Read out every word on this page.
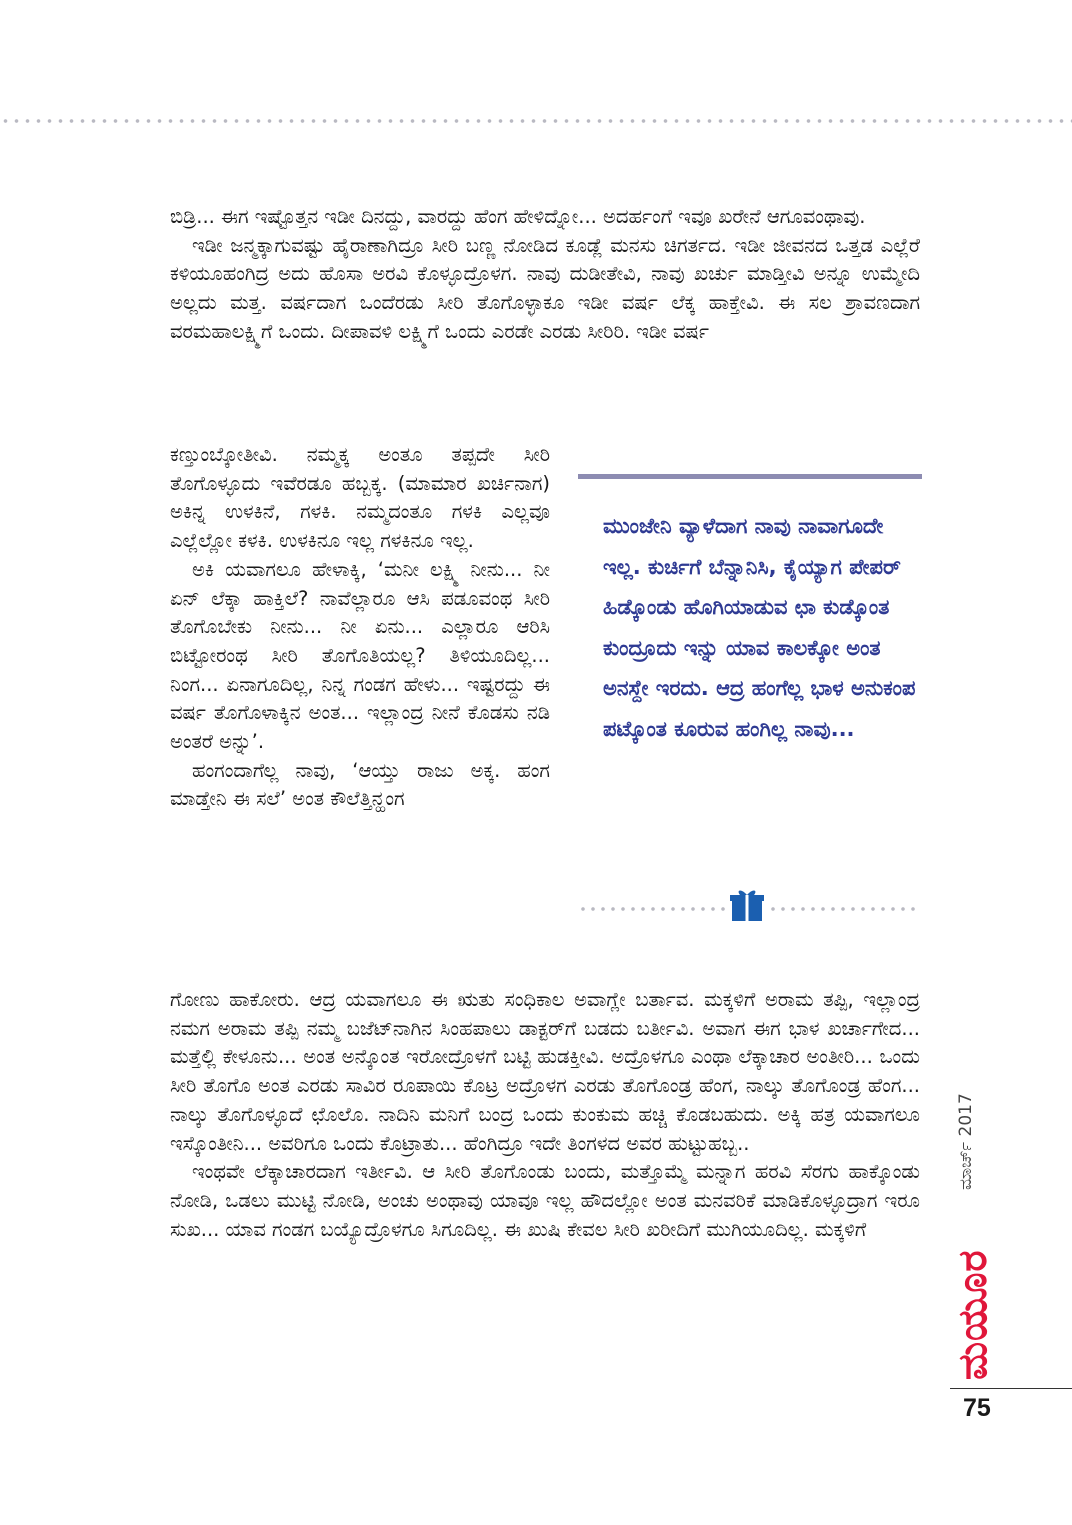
ಬಿಡ್ರಿ... ಈಗ ಇಷ್ಟೊತ್ತನ ಇಡೀ ದಿನದ್ದು, ವಾರದ್ದು ಹೆಂಗ ಹೇಳಿದ್ನೋ... ಅದರ್ಹಂಗೆ ಇವೂ ಖರೇನೆ ಆಗೂವಂಥಾವು.

ಇಡೀ ಜನ್ಮಕ್ಕಾಗುವಷ್ಟು ಹೈರಾಣಾಗಿದ್ರೂ ಸೀರಿ ಬಣ್ಣ ನೋಡಿದ ಕೂಡ್ಲೆ ಮನಸು ಚಿಗರ್ತದ. ಇಡೀ ಜೀವನದ ಒತ್ತಡ ಎಲ್ಲೆರೆ ಕಳಿಯೂಹಂಗಿದ್ರ ಅದು ಹೊಸಾ ಅರವಿ ಕೊಳ್ಳೂದ್ರೊಳಗ. ನಾವು ದುಡೀತೇವಿ, ನಾವು ಖರ್ಚು ಮಾಡ್ತೀವಿ ಅನ್ನೂ ಉಮ್ಮೇದಿ ಅಲ್ಲದು ಮತ್ತ. ವರ್ಷದಾಗ ಒಂದೆರಡು ಸೀರಿ ತೊಗೊಳ್ಳಾಕೂ ಇಡೀ ವರ್ಷ ಲೆಕ್ಕ ಹಾಕ್ತೇವಿ. ಈ ಸಲ ಶ್ರಾವಣದಾಗ ವರಮಹಾಲಕ್ಷ್ಮಿಗೆ ಒಂದು. ದೀಪಾವಳಿ ಲಕ್ಷ್ಮಿಗೆ ಒಂದು ಎರಡೇ ಎರಡು ಸೀರಿರಿ. ಇಡೀ ವರ್ಷ

ಕಣ್ತುಂಬ್ಕೋತೀವಿ. ನಮ್ಮಕ್ಕ ಅಂತೂ ತಪ್ಪದೇ ಸೀರಿ ತೊಗೊಳ್ಳೂದು ಇವೆರಡೂ ಹಬ್ಬಕ್ಕ. (ಮಾಮಾರ ಖರ್ಚಿನಾಗ) ಅಕಿನ್ನ ಉಳಕಿನೆ, ಗಳಕಿ. ನಮ್ಮದಂತೂ ಗಳಕಿ ಎಲ್ಲವೂ ಎಲ್ಲೆಲ್ಲೋ ಕಳಕಿ. ಉಳಕಿನೂ ಇಲ್ಲ ಗಳಕಿನೂ ಇಲ್ಲ.

ಅಕಿ ಯವಾಗಲೂ ಹೇಳಾಕ್ಕಿ, ‘ಮನೀ ಲಕ್ಷ್ಮಿ ನೀನು... ನೀ ಏನ್ ಲೆಕ್ಕಾ ಹಾಕ್ತಿಲೆ? ನಾವೆಲ್ಲಾರೂ ಆಸಿ ಪಡೂವಂಥ ಸೀರಿ ತೊಗೊಬೇಕು ನೀನು... ನೀ ಏನು... ಎಲ್ಲಾರೂ ಆರಿಸಿ ಬಿಟ್ಟೋರಂಥ ಸೀರಿ ತೊಗೊತಿಯಲ್ಲ? ತಿಳಿಯೂದಿಲ್ಲ... ನಿಂಗ... ಏನಾಗೂದಿಲ್ಲ, ನಿನ್ನ ಗಂಡಗ ಹೇಳು... ಇಷ್ಟರದ್ದು ಈ ವರ್ಷ ತೊಗೊಳಾಕ್ಕಿನ ಅಂತ... ಇಲ್ಲಾಂದ್ರ ನೀನೆ ಕೊಡಸು ನಡಿ ಅಂತರೆ ಅನ್ನು’.

ಹಂಗಂದಾಗೆಲ್ಲ ನಾವು, ‘ಆಯ್ತು ರಾಜು ಅಕ್ಕ. ಹಂಗ ಮಾಡ್ತೇನಿ ಈ ಸಲೆ’ ಅಂತ ಕೌಲೆತ್ತಿನ್ಹಂಗ

ಮುಂಜೇನಿ ವ್ಯಾಳೆದಾಗ ನಾವು ನಾವಾಗೂದೇ ಇಲ್ಲ. ಕುರ್ಚಿಗೆ ಬೆನ್ನಾನಿಸಿ, ಕೈಯ್ಯಾಗ ಪೇಪರ್ ಹಿಡ್ಕೊಂಡು ಹೊಗಿಯಾಡುವ ಛಾ ಕುಡ್ಕೊಂತ ಕುಂದ್ರೂದು ಇನ್ನು ಯಾವ ಕಾಲಕ್ಕೋ ಅಂತ ಅನಸ್ದೇ ಇರದು. ಆದ್ರ ಹಂಗೆಲ್ಲ ಭಾಳ ಅನುಕಂಪ ಪಟ್ಕೊಂತ ಕೂರುವ ಹಂಗಿಲ್ಲ ನಾವು...

ಗೋಣು ಹಾಕೋರು. ಆದ್ರ ಯವಾಗಲೂ ಈ ಋತು ಸಂಧಿಕಾಲ ಅವಾಗ್ಲೇ ಬರ್ತಾವ. ಮಕ್ಕಳಿಗೆ ಅರಾಮ ತಪ್ಪಿ, ಇಲ್ಲಾಂದ್ರ ನಮಗ ಅರಾಮ ತಪ್ಪಿ ನಮ್ಮ ಬಜೆಟ್‌ನಾಗಿನ ಸಿಂಹಪಾಲು ಡಾಕ್ಟರ್‌ಗೆ ಬಡದು ಬರ್ತೀವಿ. ಅವಾಗ ಈಗ ಭಾಳ ಖರ್ಚಾಗೇದ... ಮತ್ತೆಲ್ಲಿ ಕೇಳೂನು... ಅಂತ ಅನ್ಕೊಂತ ಇರೋದ್ರೊಳಗೆ ಬಟ್ಟಿ ಹುಡಕ್ತೀವಿ. ಅದ್ರೊಳಗೂ ಎಂಥಾ ಲೆಕ್ಕಾಚಾರ ಅಂತೀರಿ... ಒಂದು ಸೀರಿ ತೊಗೊ ಅಂತ ಎರಡು ಸಾವಿರ ರೂಪಾಯಿ ಕೊಟ್ರ ಅದ್ರೊಳಗ ಎರಡು ತೊಗೊಂಡ್ರ ಹೆಂಗ, ನಾಲ್ಕು ತೊಗೊಂಡ್ರ ಹೆಂಗ... ನಾಲ್ಕು ತೊಗೊಳ್ಳೂದೆ ಛೊಲೊ. ನಾದಿನಿ ಮನಿಗೆ ಬಂದ್ರ ಒಂದು ಕುಂಕುಮ ಹಚ್ಚಿ ಕೊಡಬಹುದು. ಅಕ್ಕಿ ಹತ್ರ ಯವಾಗಲೂ ಇಸ್ಕೊಂತೀನಿ... ಅವರಿಗೂ ಒಂದು ಕೊಟ್ರಾತು... ಹೆಂಗಿದ್ರೂ ಇದೇ ತಿಂಗಳದ ಅವರ ಹುಟ್ಟುಹಬ್ಬ..

ಇಂಥವೇ ಲೆಕ್ಕಾಚಾರದಾಗ ಇರ್ತೀವಿ. ಆ ಸೀರಿ ತೊಗೊಂಡು ಬಂದು, ಮತ್ತೊಮ್ಮೆ ಮನ್ನಾಗ ಹರವಿ ಸೆರಗು ಹಾಕ್ಕೊಂಡು ನೋಡಿ, ಒಡಲು ಮುಟ್ಟಿ ನೋಡಿ, ಅಂಚು ಅಂಥಾವು ಯಾವೂ ಇಲ್ಲ ಹೌದಲ್ಲೋ ಅಂತ ಮನವರಿಕೆ ಮಾಡಿಕೊಳ್ಳೂದ್ರಾಗ ಇರೂ ಸುಖ... ಯಾವ ಗಂಡಗ ಬಯ್ಯೊದ್ರೊಳಗೂ ಸಿಗೂದಿಲ್ಲ. ಈ ಖುಷಿ ಕೇವಲ ಸೀರಿ ಖರೀದಿಗೆ ಮುಗಿಯೂದಿಲ್ಲ. ಮಕ್ಕಳಿಗೆ

ಮಾರ್ಚ್ 2017
ಮಯೂರ
75
